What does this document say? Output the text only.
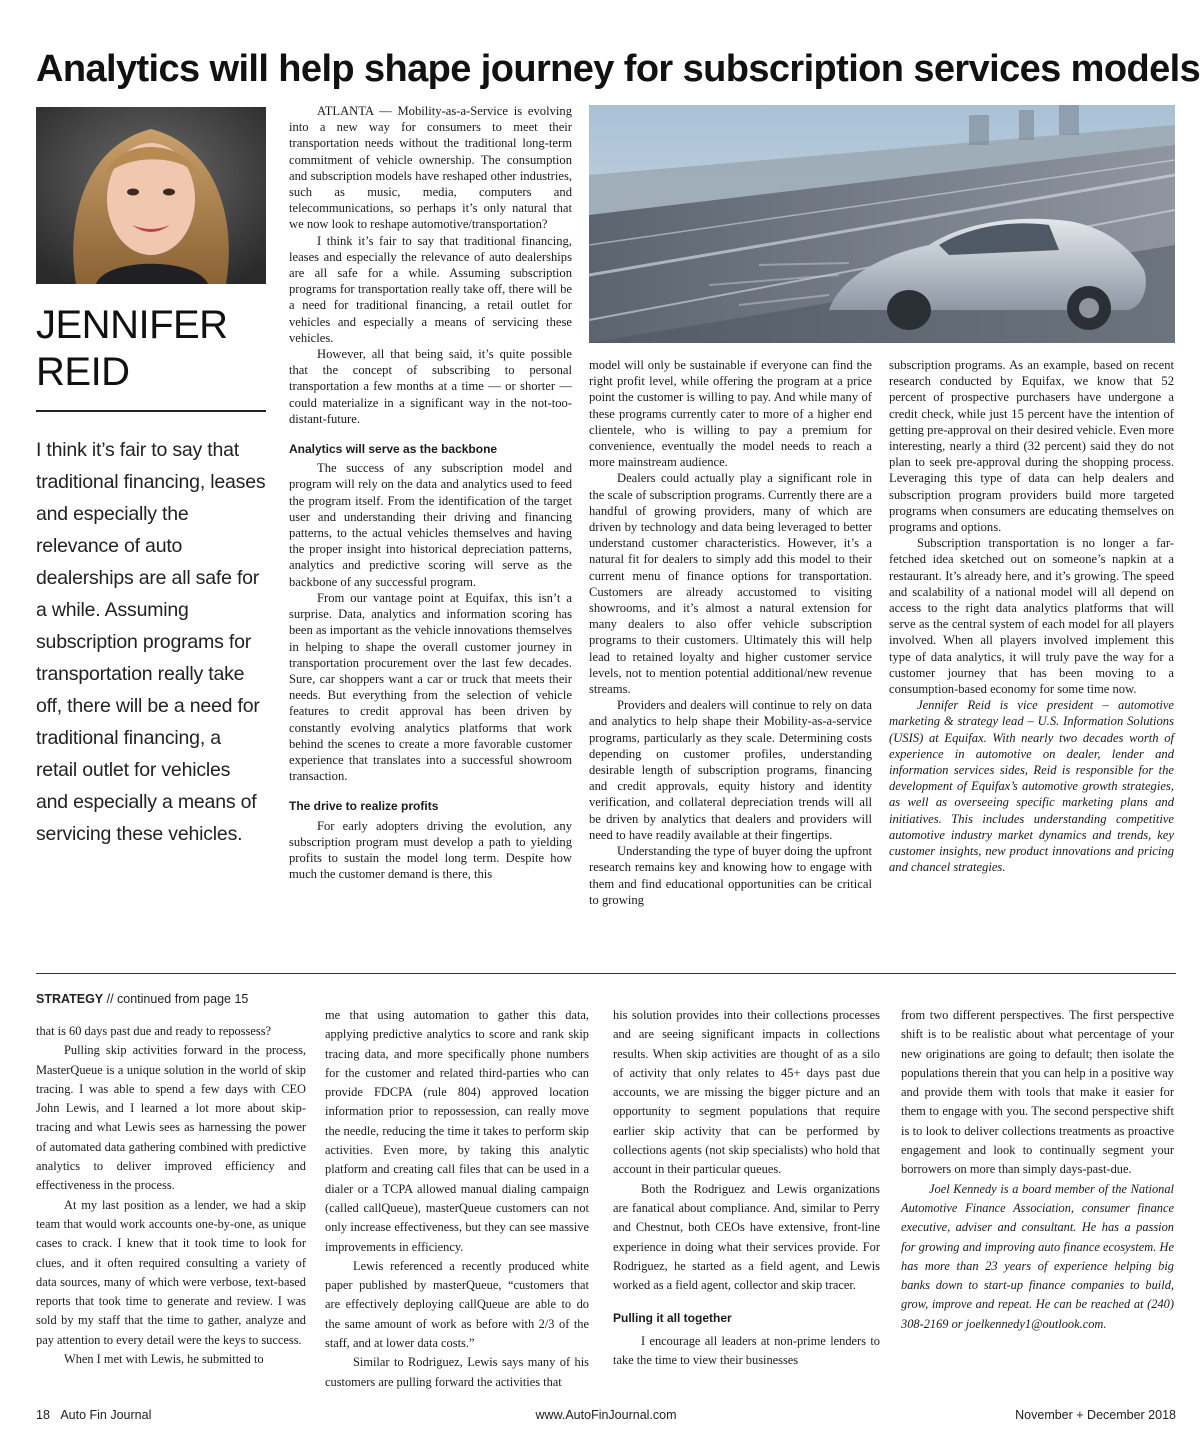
Analytics will help shape journey for subscription services models
JENNIFER
REID
I think it’s fair to say that traditional financing, leases and especially the relevance of auto dealerships are all safe for a while. Assuming subscription programs for transportation really take off, there will be a need for traditional financing, a retail outlet for vehicles and especially a means of servicing these vehicles.

ATLANTA — Mobility-as-a-Service is evolving into a new way for consumers to meet their transportation needs without the traditional long-term commitment of vehicle ownership. The consumption and subscription models have reshaped other industries, such as music, media, computers and telecommunications, so perhaps it’s only natural that we now look to reshape automotive/transportation?

I think it’s fair to say that traditional financing, leases and especially the relevance of auto dealerships are all safe for a while. Assuming subscription programs for transportation really take off, there will be a need for traditional financing, a retail outlet for vehicles and especially a means of servicing these vehicles.

However, all that being said, it’s quite possible that the concept of subscribing to personal transportation a few months at a time — or shorter — could materialize in a significant way in the not-too-distant-future.

Analytics will serve as the backbone

The success of any subscription model and program will rely on the data and analytics used to feed the program itself. From the identification of the target user and understanding their driving and financing patterns, to the actual vehicles themselves and having the proper insight into historical depreciation patterns, analytics and predictive scoring will serve as the backbone of any successful program.

From our vantage point at Equifax, this isn’t a surprise. Data, analytics and information scoring has been as important as the vehicle innovations themselves in helping to shape the overall customer journey in transportation procurement over the last few decades. Sure, car shoppers want a car or truck that meets their needs. But everything from the selection of vehicle features to credit approval has been driven by constantly evolving analytics platforms that work behind the scenes to create a more favorable customer experience that translates into a successful showroom transaction.

The drive to realize profits

For early adopters driving the evolution, any subscription program must develop a path to yielding profits to sustain the model long term. Despite how much the customer demand is there, this

model will only be sustainable if everyone can find the right profit level, while offering the program at a price point the customer is willing to pay. And while many of these programs currently cater to more of a higher end clientele, who is willing to pay a premium for convenience, eventually the model needs to reach a more mainstream audience.

Dealers could actually play a significant role in the scale of subscription programs. Currently there are a handful of growing providers, many of which are driven by technology and data being leveraged to better understand customer characteristics. However, it’s a natural fit for dealers to simply add this model to their current menu of finance options for transportation. Customers are already accustomed to visiting showrooms, and it’s almost a natural extension for many dealers to also offer vehicle subscription programs to their customers. Ultimately this will help lead to retained loyalty and higher customer service levels, not to mention potential additional/new revenue streams.

Providers and dealers will continue to rely on data and analytics to help shape their Mobility-as-a-service programs, particularly as they scale. Determining costs depending on customer profiles, understanding desirable length of subscription programs, financing and credit approvals, equity history and identity verification, and collateral depreciation trends will all be driven by analytics that dealers and providers will need to have readily available at their fingertips.

Understanding the type of buyer doing the upfront research remains key and knowing how to engage with them and find educational opportunities can be critical to growing

subscription programs. As an example, based on recent research conducted by Equifax, we know that 52 percent of prospective purchasers have undergone a credit check, while just 15 percent have the intention of getting pre-approval on their desired vehicle. Even more interesting, nearly a third (32 percent) said they do not plan to seek pre-approval during the shopping process. Leveraging this type of data can help dealers and subscription program providers build more targeted programs when consumers are educating themselves on programs and options.

Subscription transportation is no longer a far-fetched idea sketched out on someone’s napkin at a restaurant. It’s already here, and it’s growing. The speed and scalability of a national model will all depend on access to the right data analytics platforms that will serve as the central system of each model for all players involved. When all players involved implement this type of data analytics, it will truly pave the way for a customer journey that has been moving to a consumption-based economy for some time now.

Jennifer Reid is vice president – automotive marketing & strategy lead – U.S. Information Solutions (USIS) at Equifax. With nearly two decades worth of experience in automotive on dealer, lender and information services sides, Reid is responsible for the development of Equifax’s automotive growth strategies, as well as overseeing specific marketing plans and initiatives. This includes understanding competitive automotive industry market dynamics and trends, key customer insights, new product innovations and pricing and chancel strategies.

STRATEGY // continued from page 15

that is 60 days past due and ready to repossess?

Pulling skip activities forward in the process, MasterQueue is a unique solution in the world of skip tracing. I was able to spend a few days with CEO John Lewis, and I learned a lot more about skip-tracing and what Lewis sees as harnessing the power of automated data gathering combined with predictive analytics to deliver improved efficiency and effectiveness in the process.

At my last position as a lender, we had a skip team that would work accounts one-by-one, as unique cases to crack. I knew that it took time to look for clues, and it often required consulting a variety of data sources, many of which were verbose, text-based reports that took time to generate and review. I was sold by my staff that the time to gather, analyze and pay attention to every detail were the keys to success.

When I met with Lewis, he submitted to

me that using automation to gather this data, applying predictive analytics to score and rank skip tracing data, and more specifically phone numbers for the customer and related third-parties who can provide FDCPA (rule 804) approved location information prior to repossession, can really move the needle, reducing the time it takes to perform skip activities. Even more, by taking this analytic platform and creating call files that can be used in a dialer or a TCPA allowed manual dialing campaign (called callQueue), masterQueue customers can not only increase effectiveness, but they can see massive improvements in efficiency.

Lewis referenced a recently produced white paper published by masterQueue, “customers that are effectively deploying callQueue are able to do the same amount of work as before with 2/3 of the staff, and at lower data costs.”

Similar to Rodriguez, Lewis says many of his customers are pulling forward the activities that

his solution provides into their collections processes and are seeing significant impacts in collections results. When skip activities are thought of as a silo of activity that only relates to 45+ days past due accounts, we are missing the bigger picture and an opportunity to segment populations that require earlier skip activity that can be performed by collections agents (not skip specialists) who hold that account in their particular queues.

Both the Rodriguez and Lewis organizations are fanatical about compliance. And, similar to Perry and Chestnut, both CEOs have extensive, front-line experience in doing what their services provide. For Rodriguez, he started as a field agent, and Lewis worked as a field agent, collector and skip tracer.

Pulling it all together

I encourage all leaders at non-prime lenders to take the time to view their businesses

from two different perspectives. The first perspective shift is to be realistic about what percentage of your new originations are going to default; then isolate the populations therein that you can help in a positive way and provide them with tools that make it easier for them to engage with you. The second perspective shift is to look to deliver collections treatments as proactive engagement and look to continually segment your borrowers on more than simply days-past-due.

Joel Kennedy is a board member of the National Automotive Finance Association, consumer finance executive, adviser and consultant. He has a passion for growing and improving auto finance ecosystem. He has more than 23 years of experience helping big banks down to start-up finance companies to build, grow, improve and repeat. He can be reached at (240) 308-2169 or joelkennedy1@outlook.com.

18 Auto Fin Journal	www.AutoFinJournal.com	November + December 2018
